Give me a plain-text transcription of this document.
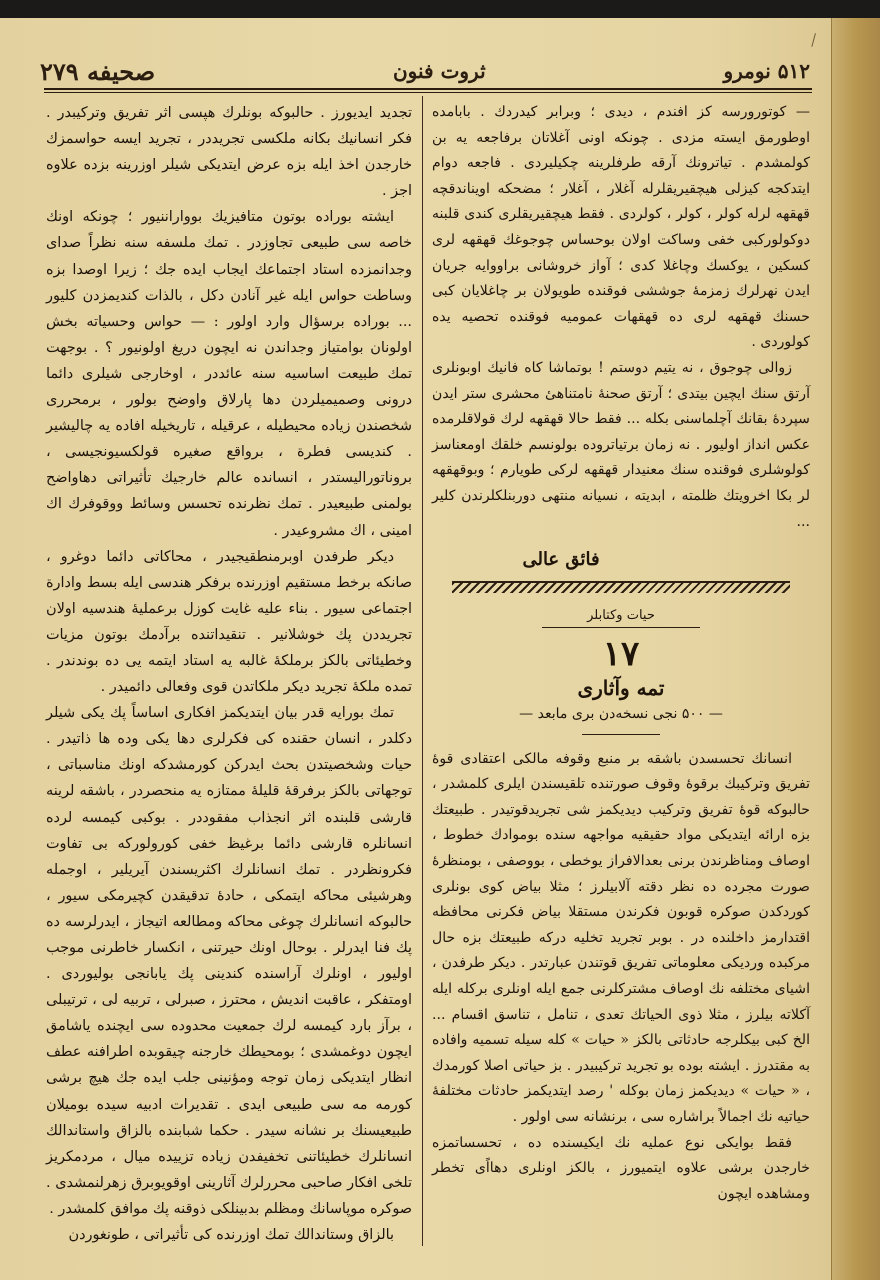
۵۱۲ نومرو
ثروت فنون
صحیفه ۲۷۹

— کوتورورسه کز افندم ، دیدی ؛ وبرابر کیدردك . بابامده اوطورمق ایسته مزدی . چونکه اونی آغلاتان برفاجعه یه بن کولمشدم . تیاترونك آرقه طرفلرینه چکیلیردی . فاجعه دوام ایتدکجه کیزلی هیچقیریقلرله آغلار ، آغلار ؛ مضحکه اویناندقچه قهقهه لرله کولر ، کولر ، کولردی . فقط هیچقیریقلری کندی قلبنه دوکولورکبی خفی وساکت اولان بوحساس چوجوغك قهقهه لری کسکین ، یوکسك وچاغلا کدی ؛ آواز خروشانی براووایه جریان ایدن نهرلرك زمزمۀ جوششی فوقنده طویولان بر چاغلایان کبی حسنك قهقهه لری ده قهقهات عمومیه فوقنده تحصیه یده کولوردی .

زوالی چوجوق ، نه یتیم دوستم ! بوتماشا کاه فانیك اوبونلری آرتق سنك ایچین بیتدی ؛ آرتق صحنۀ نامتناهیٔ محشری ستر ایدن سپردۀ بقانك آچلماسنی بکله ... فقط حالا قهقهه لرك قولاقلرمده عکس انداز اولیور . نه زمان برتیاتروده بولونسم خلقك اومعناسز کولوشلری فوقنده سنك معنیدار قهقهه لرکی طویارم ؛ وبوقهقهه لر بکا اخرویتك ظلمته ، ابدیته ، نسیانه منتهی دوربنلکلرندن کلیر ...

فائق عالی

حیات وکتابلر

۱۷

تمه وآثاری

— ۵۰۰ نجی نسخه‌دن بری مابعد —

انسانك تحسسدن باشقه بر منبع وقوفه مالکی اعتقادی قوۀ تفریق وترکیبك برقوۀ وقوف صورتنده تلقیسندن ایلری کلمشدر ، حالبوکه قوۀ تفریق وترکیب دیدیکمز شی تجریدقوتیدر . طبیعتك بزه ارائه ایتدیکی مواد حقیقیه مواجهه سنده بوموادك خطوط ، اوصاف ومناظرندن برنی بعدالافراز یوخطی ، بووصفی ، بومنظرهٔ صورت مجرده ده نظر دقته آلابیلرز ؛ مثلا بیاض کوی بونلری کوردکدن صوکره قوبون فکرندن مستقلا بیاض فکرنی محافظه اقتدارمز داخلنده در . بوبر تجرید تخلیه درکه طبیعتك بزه حال مرکبده وردیکی معلوماتی تفریق قوتندن عبارتدر . دیکر طرفدن ، اشیای مختلفه نك اوصاف مشترکلرنی جمع ایله اونلری برکله ایله آکلاته بیلرز ، مثلا ذوی الحیاتك تعدی ، تنامل ، تناسق اقسام ... الخ کبی بیکلرجه حادثاتی بالکز « حیات » کله سیله تسمیه وافاده به مقتدرز . ایشته بوده بو تجرید ترکیبیدر . بز حیاتی اصلا کورمدك ، « حیات » دیدیکمز زمان بوکله ' رصد ایتدیکمز حادثات مختلفۀ حیاتیه نك اجمالاً براشاره سی ، برنشانه سی اولور .

فقط بوایکی نوع عملیه نك ایکیسنده ده ، تحسساتمزه خارجدن برشی علاوه ایتمیورز ، بالکز اونلری دهااًی تخطر ومشاهده ایچون

تجدید ایدیورز . حالبوکه بونلرك هپسی اثر تفریق وترکیبدر . فکر انسانیك بكانه ملکسی تجریددر ، تجرید ایسه حواسمزك خارجدن اخذ ایله بزه عرض ایتدیکی شیلر اوزرینه بزده علاوه اجز .

ایشته بوراده بوتون متافیزیك بوواراننیور ؛ چونکه اونك خاصه سی طبیعی تجاوزدر . تمك ملسفه سنه نظراً صدای وجدانمزده استاد اجتماعك ایجاب ایده جك ؛ زیرا اوصدا بزه وساطت حواس ایله غیر آنادن دکل ، بالذات کندیمزدن کلیور ... بوراده برسؤال وارد اولور : — حواس وحسیاته بخش اولونان بوامتیاز وجداندن نه ایچون دریغ اولونیور ؟ . بوجهت تمك طبیعت اساسیه سنه عائددر ، اوخارجی شیلری دائما درونی وصمیمیلردن دها پارلاق واوضح بولور ، برمحرری شخصندن زیاده محیطیله ، عرقیله ، تاریخیله افاده یه چالیشیر . کندیسی فطرة ، برواقع صغیره قولکسیونجیسی ، بروناتورالیستدر ، انسانده عالم خارجیك تأثیراتی دهاواضح بولمنی طبیعیدر . تمك نظرنده تحسس وسائط ووقوفرك اك امینی ، اك مشروعیدر .

دیکر طرفدن اوبرمنطقیجیدر ، محاکاتی دائما دوغرو ، صانکه برخط مستقیم اوزرنده برفکر هندسی ایله بسط وادارة اجتماعی سیور . بناء علیه غایت کوزل برعملیۀ هندسیه اولان تجریددن پك خوشلانیر . تنقیداتنده برآدمك بوتون مزیات وخطیئاتی بالکز برملکۀ غالبه یه استاد ایتمه یی ده بوندندر . تمده ملکۀ تجرید دیکر ملکاتدن قوی وفعالی دائمیدر .

تمك بورایه قدر بیان ایتدیکمز افکاری اساساً پك یکی شیلر دکلدر ، انسان حقنده کی فکرلری دها یکی وده ها ذاتیدر . حیات وشخصیتدن بحث ایدرکن کورمشدکه اونك مناسباتی ، توجهاتی بالکز برفرقۀ قلیلۀ ممتازه یه منحصردر ، باشقه لرینه قارشی قلبنده اثر انجذاب مفقوددر . بوکبی کیمسه لرده انسانلره قارشی دائما برغیظ خفی کورولورکه بی تفاوت فکرونظردر . تمك انسانلرك اکثریسندن آیریلیر ، اوجمله وهرشیئی محاکه ایتمکی ، حادۀ تدقیقدن کچیرمکی سیور ، حالبوکه انسانلرك چوغی محاکه ومطالعه اتیجاز ، ایدرلرسه ده پك فنا ایدرلر . بوحال اونك حیرتنی ، انکسار خاطرنی موجب اولیور ، اونلرك آراسنده کندینی پك یابانجی بولیوردی . اومتفکر ، عاقبت اندیش ، محترز ، صبرلی ، تربیه لی ، ترتیبلی ، برآز بارد کیمسه لرك جمعیت محدوده سی ایچنده یاشامق ایچون دوغمشدی ؛ بومحیطك خارجنه چیقوبده اطرافنه عطف انظار ایتدیکی زمان توجه ومؤنینی جلب ایده جك هیچ برشی کورمه مه سی طبیعی ایدی . تقدیرات ادبیه سیده بومیلان طبیعیسنك بر نشانه سیدر . حکما شبابنده بالزاق واستاندالك انسانلرك خطیئاتنی تخفیفدن زیاده تزییده میال ، مردمکریز تلخی افکار صاحبی محررلرك آثارینی اوقویوبرق زهرلنمشدی . صوکره موپاسانك ومظلم بدبینلکی ذوقنه پك موافق کلمشدر .

بالزاق وستاندالك تمك اوزرنده کی تأثیراتی ، طونغوردن
